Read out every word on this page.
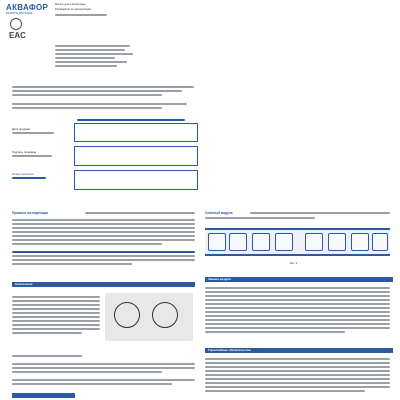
АКВАФОР
ФИЛЬТРЫ ДЛЯ ВОДЫ
Фильтр для очистки воды
Руководство по эксплуатации
EAC
Дата продажи
Подпись продавца
Штамп магазина
Правила эксплуатации
Назначение
Сменный модуль
Рис. 1
Замена модуля
Гарантийные обязательства
